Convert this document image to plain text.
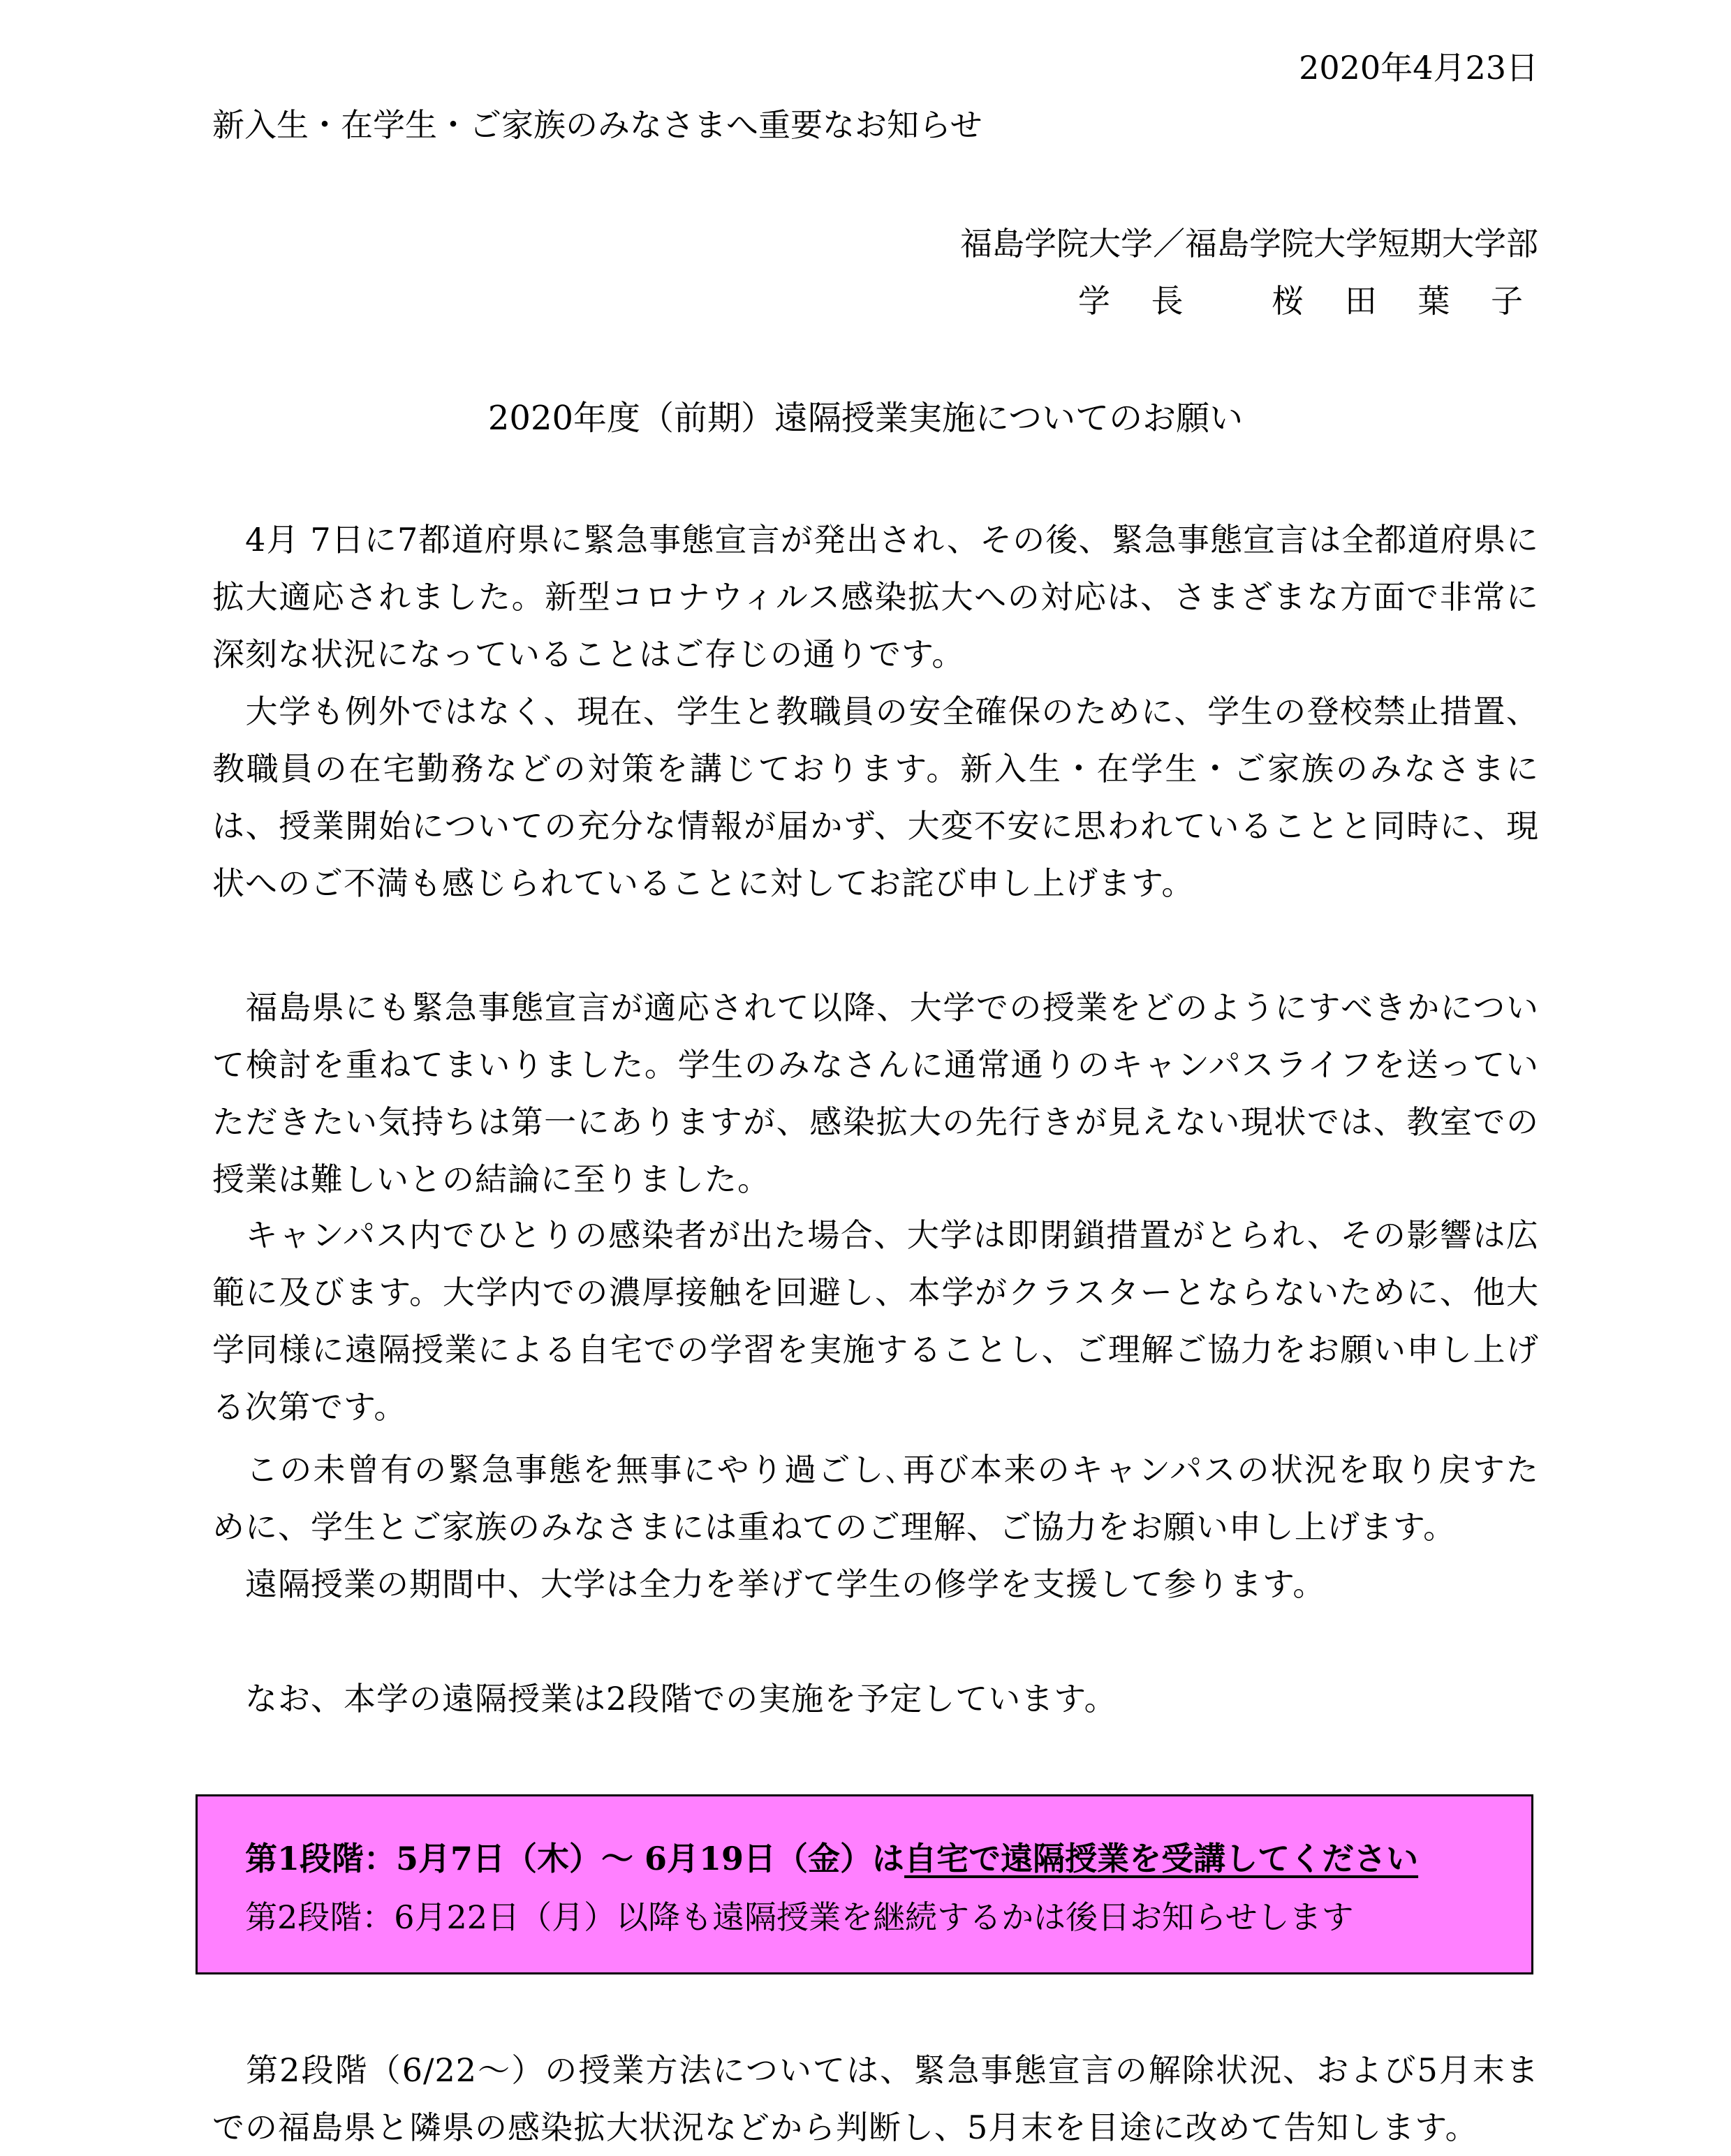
2020年4月23日

新入生・在学生・ご家族のみなさまへ重要なお知らせ

福島学院大学／福島学院大学短期大学部

学 長　 桜 田 葉 子

2020年度（前期）遠隔授業実施についてのお願い

　4月 7日に7都道府県に緊急事態宣言が発出され、その後、緊急事態宣言は全都道府県に拡大適応されました。新型コロナウィルス感染拡大への対応は、さまざまな方面で非常に深刻な状況になっていることはご存じの通りです。

　大学も例外ではなく、現在、学生と教職員の安全確保のために、学生の登校禁止措置、教職員の在宅勤務などの対策を講じております。新入生・在学生・ご家族のみなさまには、授業開始についての充分な情報が届かず、大変不安に思われていることと同時に、現状へのご不満も感じられていることに対してお詫び申し上げます。

　福島県にも緊急事態宣言が適応されて以降、大学での授業をどのようにすべきかについて検討を重ねてまいりました。学生のみなさんに通常通りのキャンパスライフを送っていただきたい気持ちは第一にありますが、感染拡大の先行きが見えない現状では、教室での授業は難しいとの結論に至りました。

　キャンパス内でひとりの感染者が出た場合、大学は即閉鎖措置がとられ、その影響は広範に及びます。大学内での濃厚接触を回避し、本学がクラスターとならないために、他大学同様に遠隔授業による自宅での学習を実施することし、ご理解ご協力をお願い申し上げる次第です。

　この未曾有の緊急事態を無事にやり過ごし､再び本来のキャンパスの状況を取り戻すために、学生とご家族のみなさまには重ねてのご理解、ご協力をお願い申し上げます。

　遠隔授業の期間中、大学は全力を挙げて学生の修学を支援して参ります。

　なお、本学の遠隔授業は2段階での実施を予定しています。

第1段階：5月7日（木）～ 6月19日（金）は自宅で遠隔授業を受講してください
第2段階：6月22日（月）以降も遠隔授業を継続するかは後日お知らせします

　第2段階（6/22～）の授業方法については、緊急事態宣言の解除状況、および5月末までの福島県と隣県の感染拡大状況などから判断し、5月末を目途に改めて告知します。
